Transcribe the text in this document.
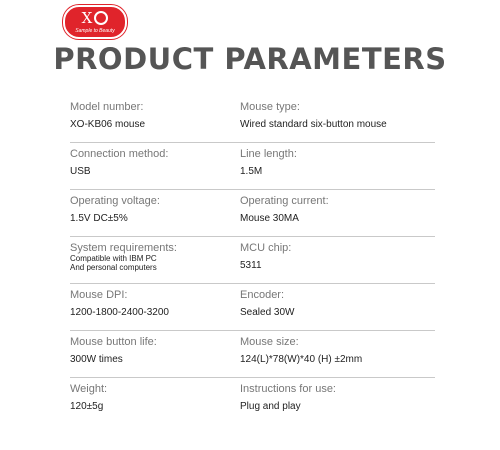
X
Sample to Beauty
PRODUCT PARAMETERS
Model number:
XO-KB06 mouse
Mouse type:
Wired standard six-button mouse
Connection method:
USB
Line length:
1.5M
Operating voltage:
1.5V DC±5%
Operating current:
Mouse 30MA
System requirements:
Compatible with IBM PC
And personal computers
MCU chip:
5311
Mouse DPI:
1200-1800-2400-3200
Encoder:
Sealed 30W
Mouse button life:
300W times
Mouse size:
124(L)*78(W)*40 (H) ±2mm
Weight:
120±5g
Instructions for use:
Plug and play
